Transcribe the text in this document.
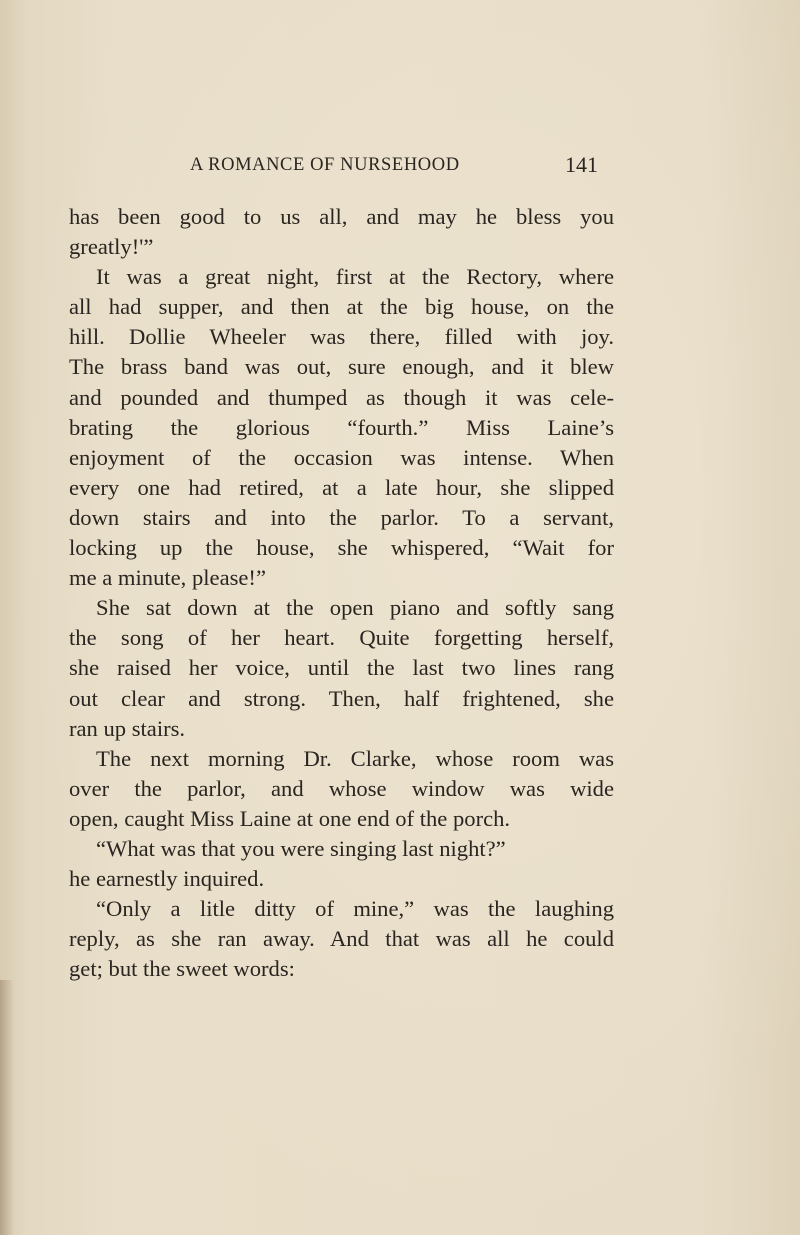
A ROMANCE OF NURSEHOOD	141
has been good to us all, and may he bless you
greatly!'”
It was a great night, first at the Rectory, where
all had supper, and then at the big house, on the
hill. Dollie Wheeler was there, filled with joy.
The brass band was out, sure enough, and it blew
and pounded and thumped as though it was cele-
brating the glorious “fourth.” Miss Laine’s
enjoyment of the occasion was intense. When
every one had retired, at a late hour, she slipped
down stairs and into the parlor. To a servant,
locking up the house, she whispered, “Wait for
me a minute, please!”
She sat down at the open piano and softly sang
the song of her heart. Quite forgetting herself,
she raised her voice, until the last two lines rang
out clear and strong. Then, half frightened, she
ran up stairs.
The next morning Dr. Clarke, whose room was
over the parlor, and whose window was wide
open, caught Miss Laine at one end of the porch.
“What was that you were singing last night?”
he earnestly inquired.
“Only a litle ditty of mine,” was the laughing
reply, as she ran away. And that was all he could
get; but the sweet words:
